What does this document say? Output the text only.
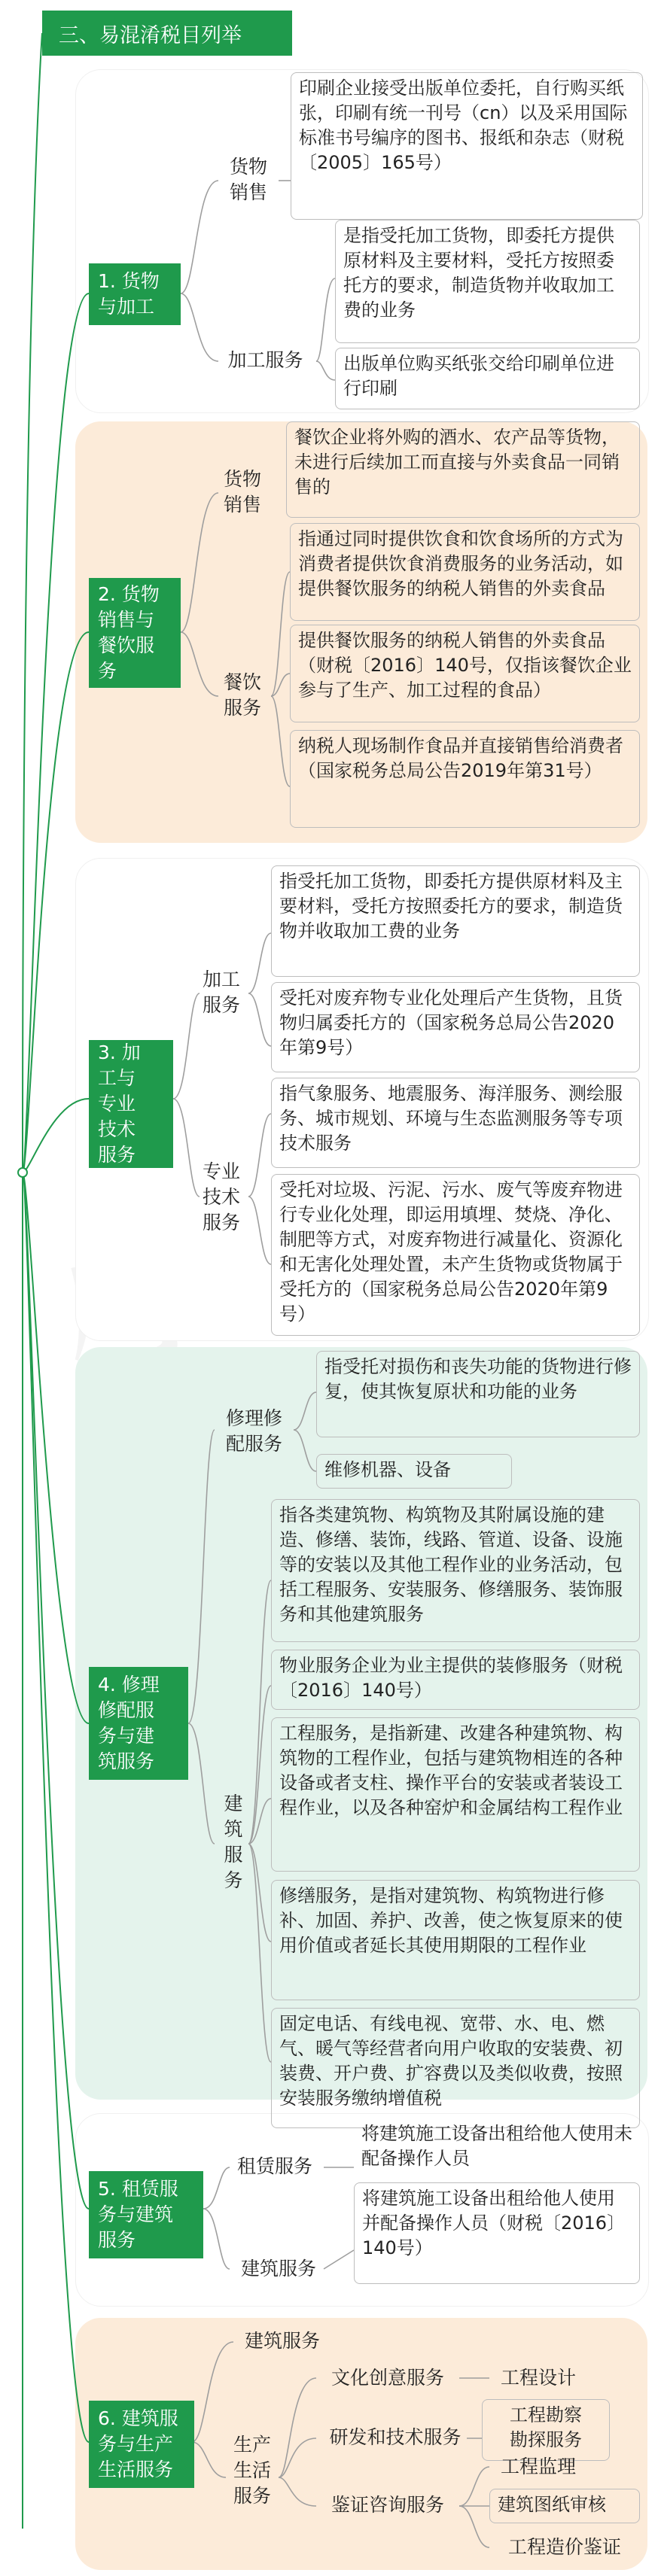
三、易混淆税目列举
1. 货物
与加工
货物
销售
印刷企业接受出版单位委托，自行购买纸张，印刷有统一刊号（cn）以及采用国际标准书号编序的图书、报纸和杂志（财税〔2005〕165号）
加工服务
是指受托加工货物，即委托方提供原材料及主要材料，受托方按照委托方的要求，制造货物并收取加工费的业务
出版单位购买纸张交给印刷单位进行印刷
2. 货物
销售与
餐饮服
务
货物
销售
餐饮企业将外购的酒水、农产品等货物，未进行后续加工而直接与外卖食品一同销售的
餐饮
服务
指通过同时提供饮食和饮食场所的方式为消费者提供饮食消费服务的业务活动，如提供餐饮服务的纳税人销售的外卖食品
提供餐饮服务的纳税人销售的外卖食品（财税〔2016〕140号，仅指该餐饮企业参与了生产、加工过程的食品）
纳税人现场制作食品并直接销售给消费者（国家税务总局公告2019年第31号）
3. 加
工与
专业
技术
服务
加工
服务
指受托加工货物，即委托方提供原材料及主要材料，受托方按照委托方的要求，制造货物并收取加工费的业务
受托对废弃物专业化处理后产生货物，且货物归属委托方的（国家税务总局公告2020年第9号）
专业
技术
服务
指气象服务、地震服务、海洋服务、测绘服务、城市规划、环境与生态监测服务等专项技术服务
受托对垃圾、污泥、污水、废气等废弃物进行专业化处理，即运用填埋、焚烧、净化、制肥等方式，对废弃物进行减量化、资源化和无害化处理处置，未产生货物或货物属于受托方的（国家税务总局公告2020年第9号）
4. 修理
修配服
务与建
筑服务
修理修
配服务
指受托对损伤和丧失功能的货物进行修复，使其恢复原状和功能的业务
维修机器、设备
建
筑
服
务
指各类建筑物、构筑物及其附属设施的建造、修缮、装饰，线路、管道、设备、设施等的安装以及其他工程作业的业务活动，包括工程服务、安装服务、修缮服务、装饰服务和其他建筑服务
物业服务企业为业主提供的装修服务（财税〔2016〕140号）
工程服务，是指新建、改建各种建筑物、构筑物的工程作业，包括与建筑物相连的各种设备或者支柱、操作平台的安装或者装设工程作业，以及各种窑炉和金属结构工程作业
修缮服务，是指对建筑物、构筑物进行修补、加固、养护、改善，使之恢复原来的使用价值或者延长其使用期限的工程作业
固定电话、有线电视、宽带、水、电、燃气、暖气等经营者向用户收取的安装费、初装费、开户费、扩容费以及类似收费，按照安装服务缴纳增值税
5. 租赁服
务与建筑
服务
租赁服务
将建筑施工设备出租给他人使用未配备操作人员
建筑服务
将建筑施工设备出租给他人使用并配备操作人员（财税〔2016〕140号）
6. 建筑服
务与生产
生活服务
建筑服务
生产
生活
服务
文化创意服务	工程设计
研发和技术服务
工程勘察
勘探服务
鉴证咨询服务
工程监理
建筑图纸审核
工程造价鉴证
